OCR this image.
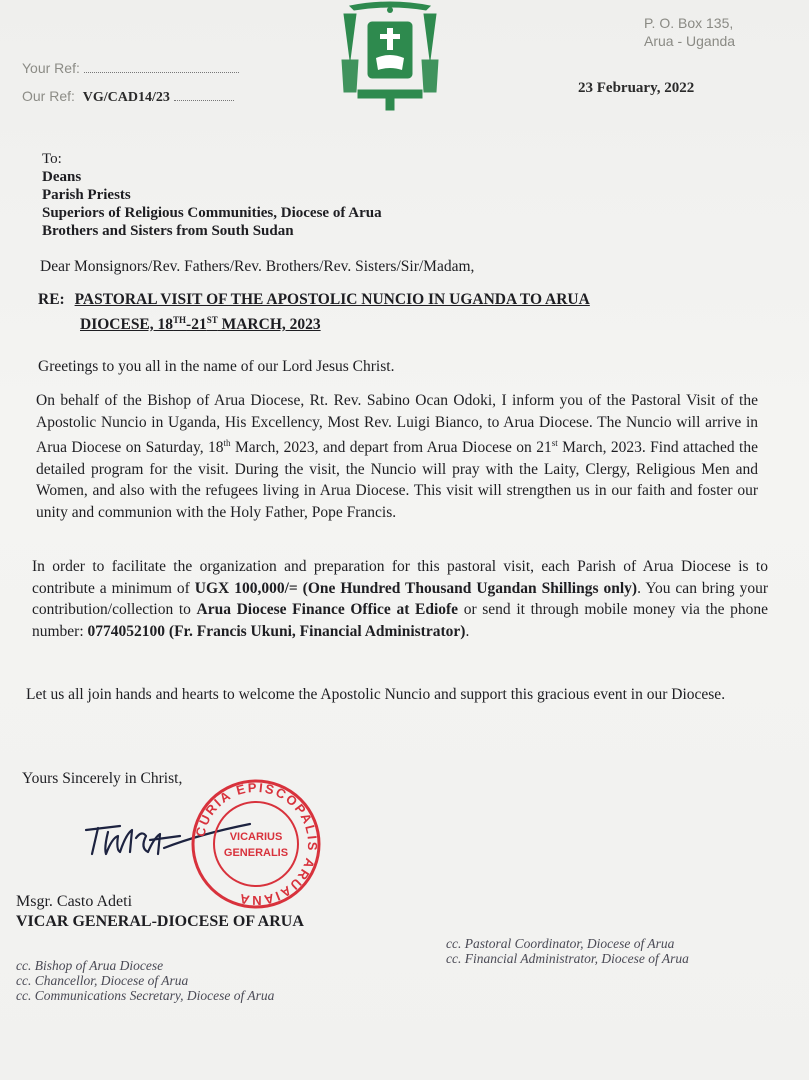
Your Ref:
Our Ref: VG/CAD14/23
P. O. Box 135,
Arua - Uganda
23 February, 2022
To:
Deans
Parish Priests
Superiors of Religious Communities, Diocese of Arua
Brothers and Sisters from South Sudan
Dear Monsignors/Rev. Fathers/Rev. Brothers/Rev. Sisters/Sir/Madam,
RE: PASTORAL VISIT OF THE APOSTOLIC NUNCIO IN UGANDA TO ARUA
DIOCESE, 18TH-21ST MARCH, 2023
Greetings to you all in the name of our Lord Jesus Christ.
On behalf of the Bishop of Arua Diocese, Rt. Rev. Sabino Ocan Odoki, I inform you of the Pastoral Visit of the Apostolic Nuncio in Uganda, His Excellency, Most Rev. Luigi Bianco, to Arua Diocese. The Nuncio will arrive in Arua Diocese on Saturday, 18th March, 2023, and depart from Arua Diocese on 21st March, 2023. Find attached the detailed program for the visit. During the visit, the Nuncio will pray with the Laity, Clergy, Religious Men and Women, and also with the refugees living in Arua Diocese. This visit will strengthen us in our faith and foster our unity and communion with the Holy Father, Pope Francis.
In order to facilitate the organization and preparation for this pastoral visit, each Parish of Arua Diocese is to contribute a minimum of UGX 100,000/= (One Hundred Thousand Ugandan Shillings only). You can bring your contribution/collection to Arua Diocese Finance Office at Ediofe or send it through mobile money via the phone number: 0774052100 (Fr. Francis Ukuni, Financial Administrator).
Let us all join hands and hearts to welcome the Apostolic Nuncio and support this gracious event in our Diocese.
Yours Sincerely in Christ,
CURIA EPISCOPALIS ARUAIANA
VICARIUS
GENERALIS
Msgr. Casto Adeti
VICAR GENERAL-DIOCESE OF ARUA
cc. Bishop of Arua Diocese
cc. Chancellor, Diocese of Arua
cc. Communications Secretary, Diocese of Arua
cc. Pastoral Coordinator, Diocese of Arua
cc. Financial Administrator, Diocese of Arua
